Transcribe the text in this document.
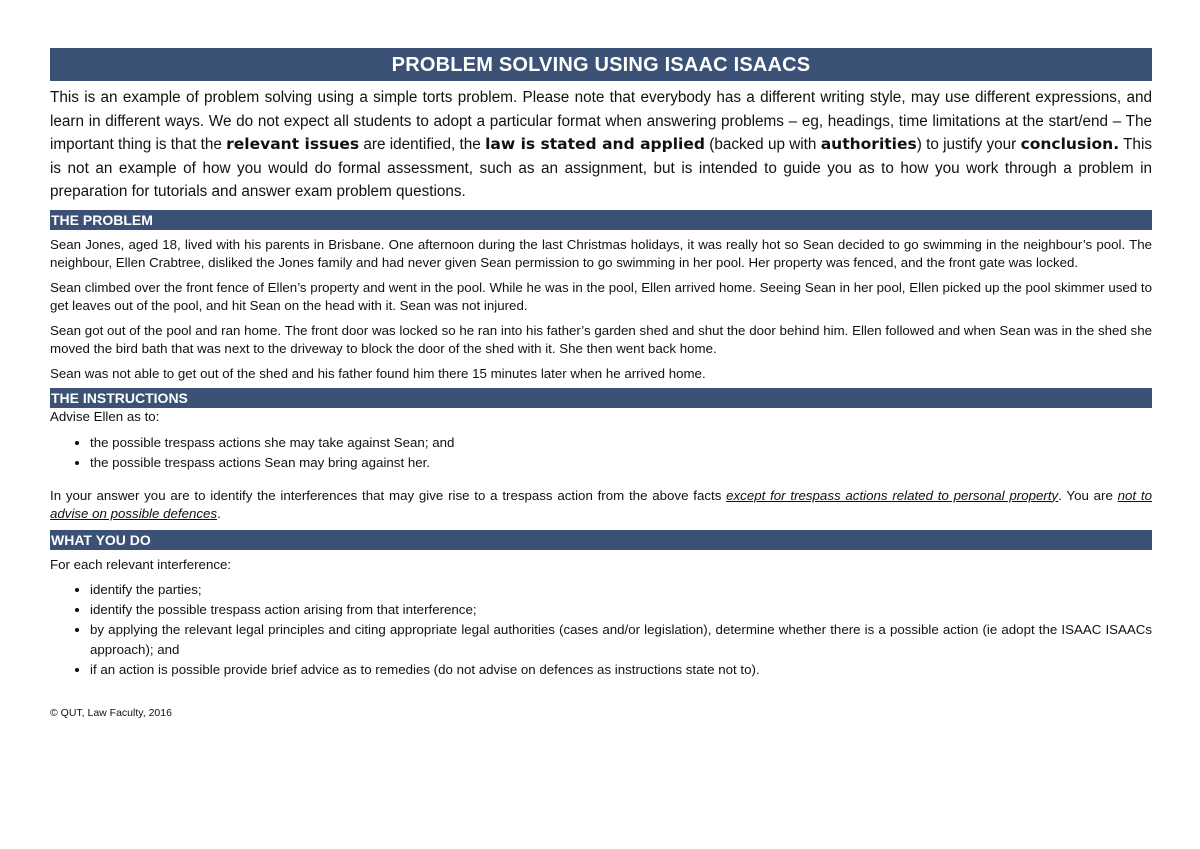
PROBLEM SOLVING USING ISAAC ISAACS

This is an example of problem solving using a simple torts problem. Please note that everybody has a different writing style, may use different expressions, and learn in different ways. We do not expect all students to adopt a particular format when answering problems – eg, headings, time limitations at the start/end – The important thing is that the relevant issues are identified, the law is stated and applied (backed up with authorities) to justify your conclusion. This is not an example of how you would do formal assessment, such as an assignment, but is intended to guide you as to how you work through a problem in preparation for tutorials and answer exam problem questions.

THE PROBLEM

Sean Jones, aged 18, lived with his parents in Brisbane. One afternoon during the last Christmas holidays, it was really hot so Sean decided to go swimming in the neighbour’s pool. The neighbour, Ellen Crabtree, disliked the Jones family and had never given Sean permission to go swimming in her pool. Her property was fenced, and the front gate was locked.

Sean climbed over the front fence of Ellen’s property and went in the pool. While he was in the pool, Ellen arrived home. Seeing Sean in her pool, Ellen picked up the pool skimmer used to get leaves out of the pool, and hit Sean on the head with it. Sean was not injured.

Sean got out of the pool and ran home. The front door was locked so he ran into his father’s garden shed and shut the door behind him. Ellen followed and when Sean was in the shed she moved the bird bath that was next to the driveway to block the door of the shed with it. She then went back home.

Sean was not able to get out of the shed and his father found him there 15 minutes later when he arrived home.

THE INSTRUCTIONS

Advise Ellen as to:

• the possible trespass actions she may take against Sean; and
• the possible trespass actions Sean may bring against her.

In your answer you are to identify the interferences that may give rise to a trespass action from the above facts except for trespass actions related to personal property. You are not to advise on possible defences.

WHAT YOU DO

For each relevant interference:

• identify the parties;
• identify the possible trespass action arising from that interference;
• by applying the relevant legal principles and citing appropriate legal authorities (cases and/or legislation), determine whether there is a possible action (ie adopt the ISAAC ISAACs approach); and
• if an action is possible provide brief advice as to remedies (do not advise on defences as instructions state not to).
© QUT, Law Faculty, 2016
